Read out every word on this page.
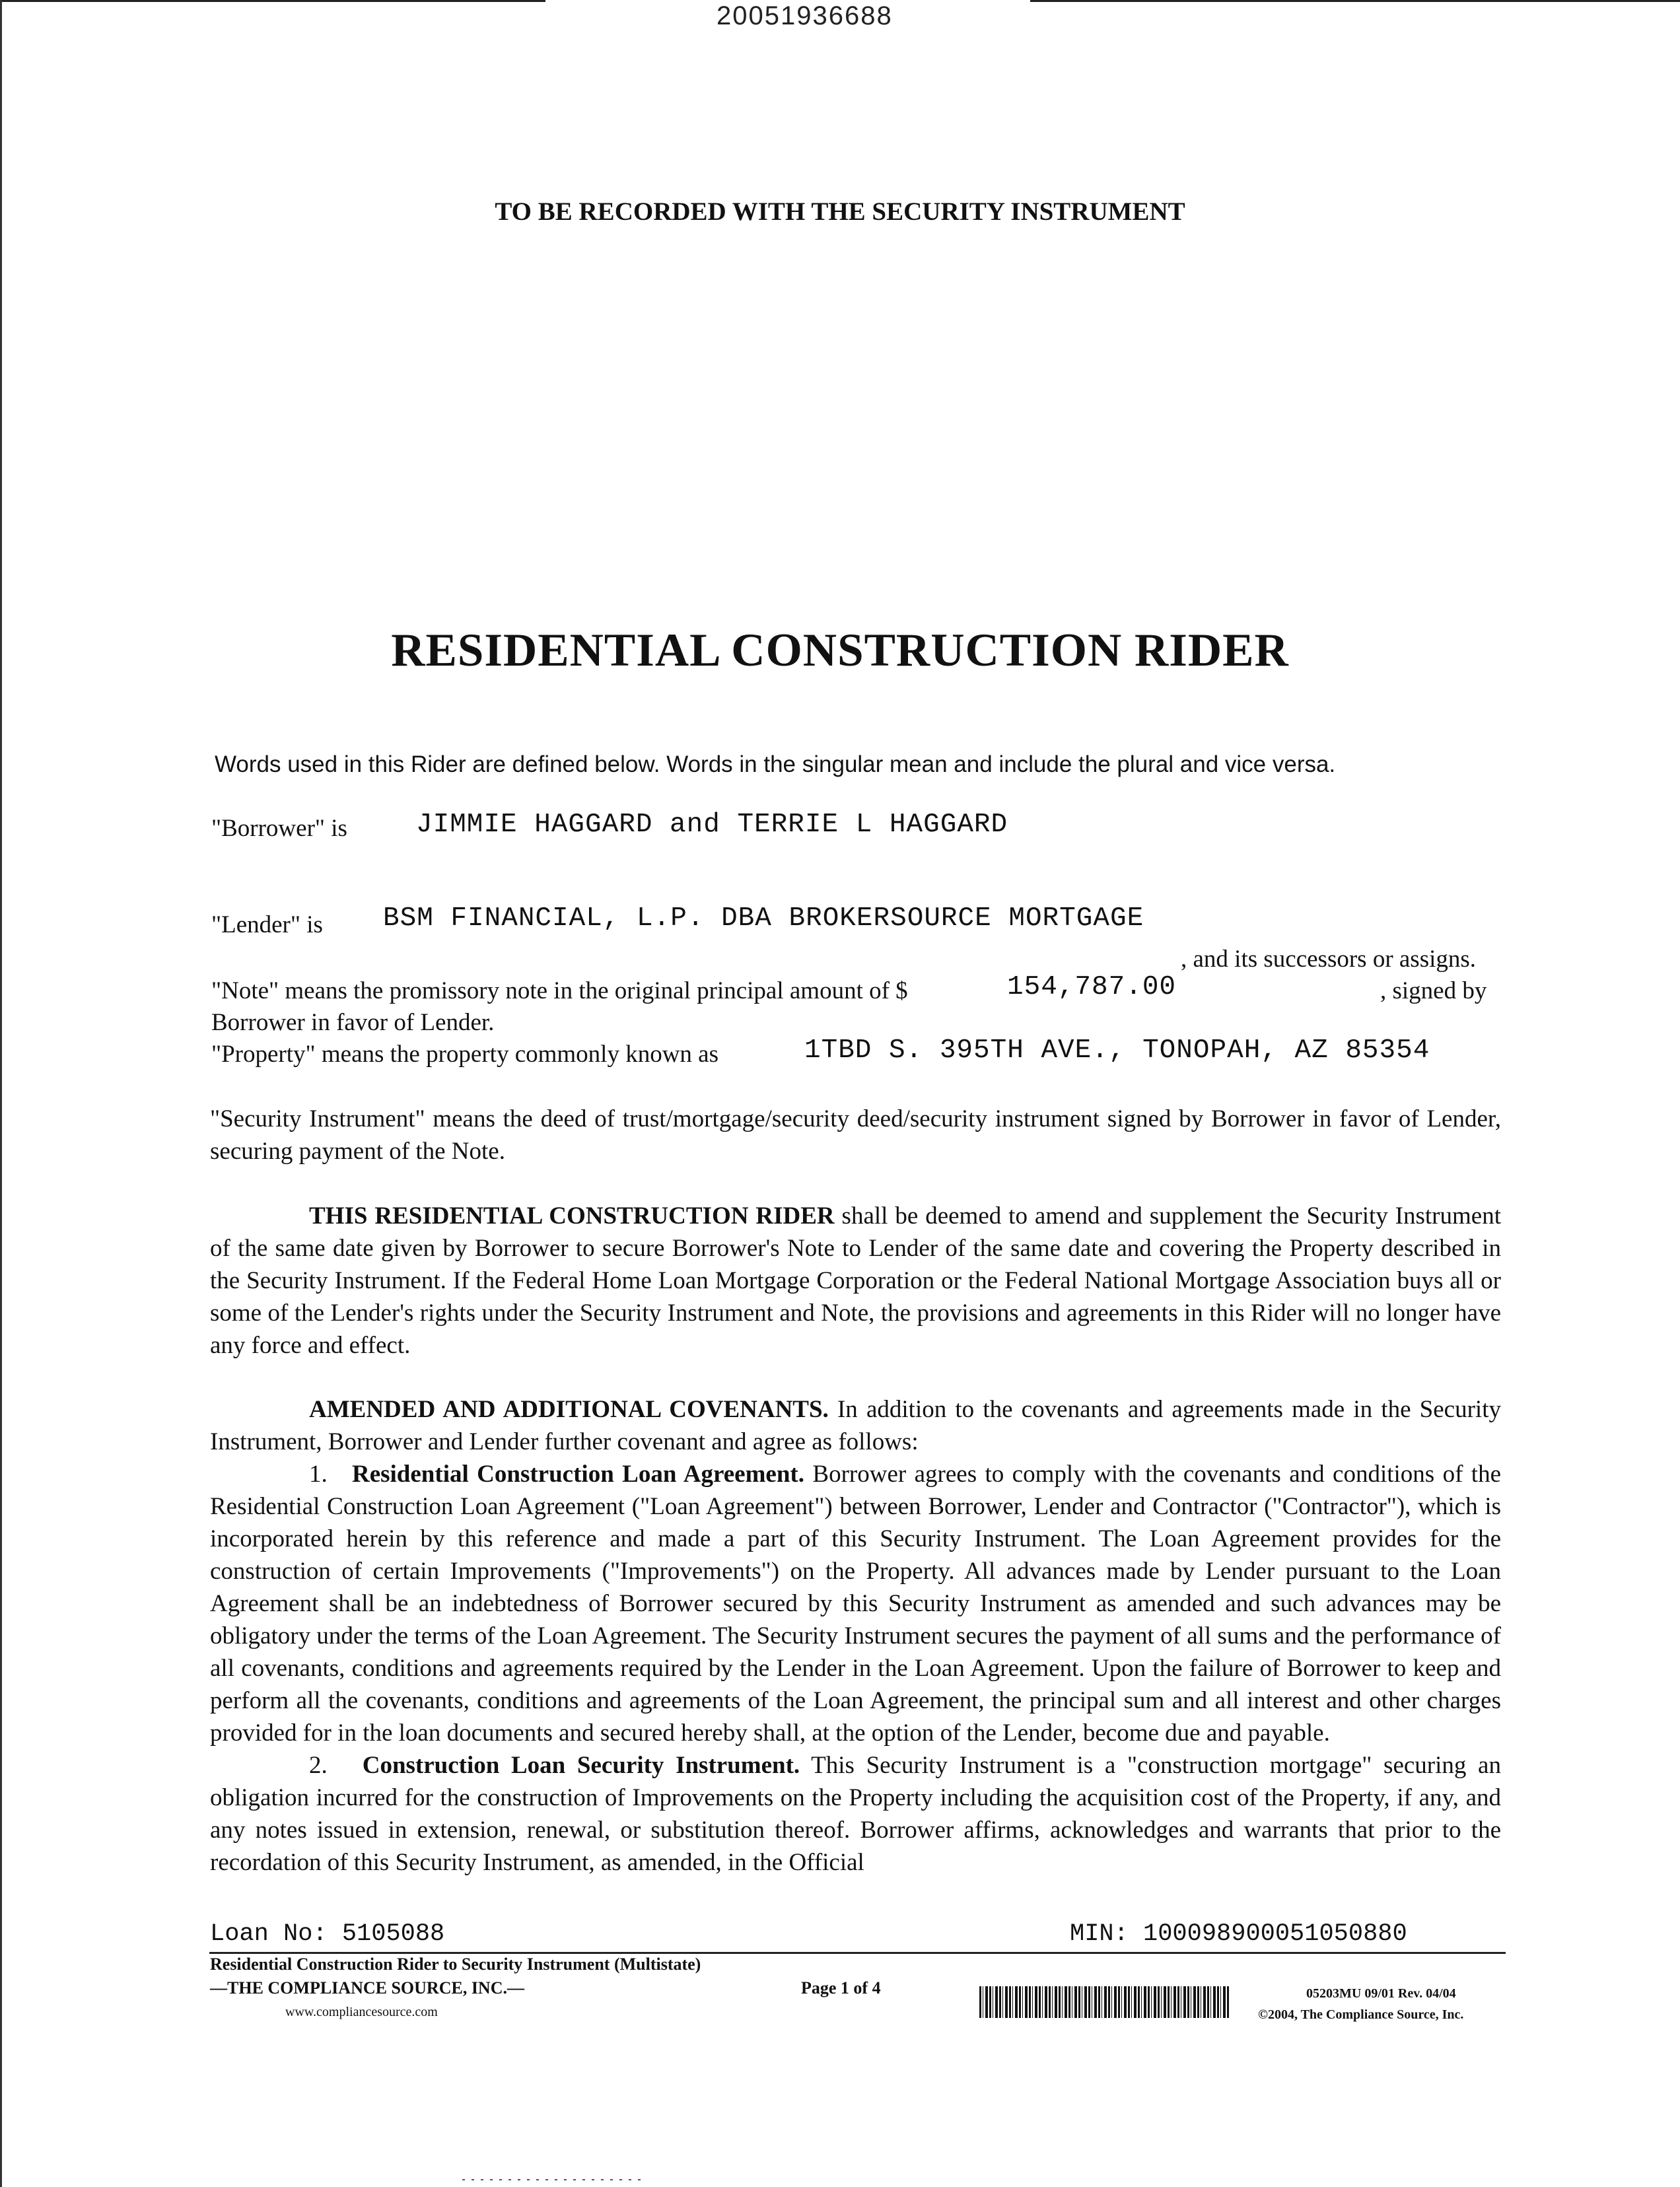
20051936688
TO BE RECORDED WITH THE SECURITY INSTRUMENT
RESIDENTIAL CONSTRUCTION RIDER
Words used in this Rider are defined below. Words in the singular mean and include the plural and vice versa.
"Borrower" is	JIMMIE HAGGARD and TERRIE L HAGGARD
"Lender" is BSM FINANCIAL, L.P. DBA BROKERSOURCE MORTGAGE
, and its successors or assigns.
"Note" means the promissory note in the original principal amount of $	154,787.00	, signed by
Borrower in favor of Lender.
"Property" means the property commonly known as	1TBD S. 395TH AVE., TONOPAH, AZ 85354

"Security Instrument" means the deed of trust/mortgage/security deed/security instrument signed by Borrower in favor of Lender, securing payment of the Note.

THIS RESIDENTIAL CONSTRUCTION RIDER shall be deemed to amend and supplement the Security Instrument of the same date given by Borrower to secure Borrower's Note to Lender of the same date and covering the Property described in the Security Instrument. If the Federal Home Loan Mortgage Corporation or the Federal National Mortgage Association buys all or some of the Lender's rights under the Security Instrument and Note, the provisions and agreements in this Rider will no longer have any force and effect.

AMENDED AND ADDITIONAL COVENANTS. In addition to the covenants and agreements made in the Security Instrument, Borrower and Lender further covenant and agree as follows:

1. Residential Construction Loan Agreement. Borrower agrees to comply with the covenants and conditions of the Residential Construction Loan Agreement ("Loan Agreement") between Borrower, Lender and Contractor ("Contractor"), which is incorporated herein by this reference and made a part of this Security Instrument. The Loan Agreement provides for the construction of certain Improvements ("Improvements") on the Property. All advances made by Lender pursuant to the Loan Agreement shall be an indebtedness of Borrower secured by this Security Instrument as amended and such advances may be obligatory under the terms of the Loan Agreement. The Security Instrument secures the payment of all sums and the performance of all covenants, conditions and agreements required by the Lender in the Loan Agreement. Upon the failure of Borrower to keep and perform all the covenants, conditions and agreements of the Loan Agreement, the principal sum and all interest and other charges provided for in the loan documents and secured hereby shall, at the option of the Lender, become due and payable.

2. Construction Loan Security Instrument. This Security Instrument is a "construction mortgage" securing an obligation incurred for the construction of Improvements on the Property including the acquisition cost of the Property, if any, and any notes issued in extension, renewal, or substitution thereof. Borrower affirms, acknowledges and warrants that prior to the recordation of this Security Instrument, as amended, in the Official

Loan No: 5105088	MIN: 100098900051050880
Residential Construction Rider to Security Instrument (Multistate)
—THE COMPLIANCE SOURCE, INC.—
www.compliancesource.com
Page 1 of 4	05203MU 09/01 Rev. 04/04
©2004, The Compliance Source, Inc.
